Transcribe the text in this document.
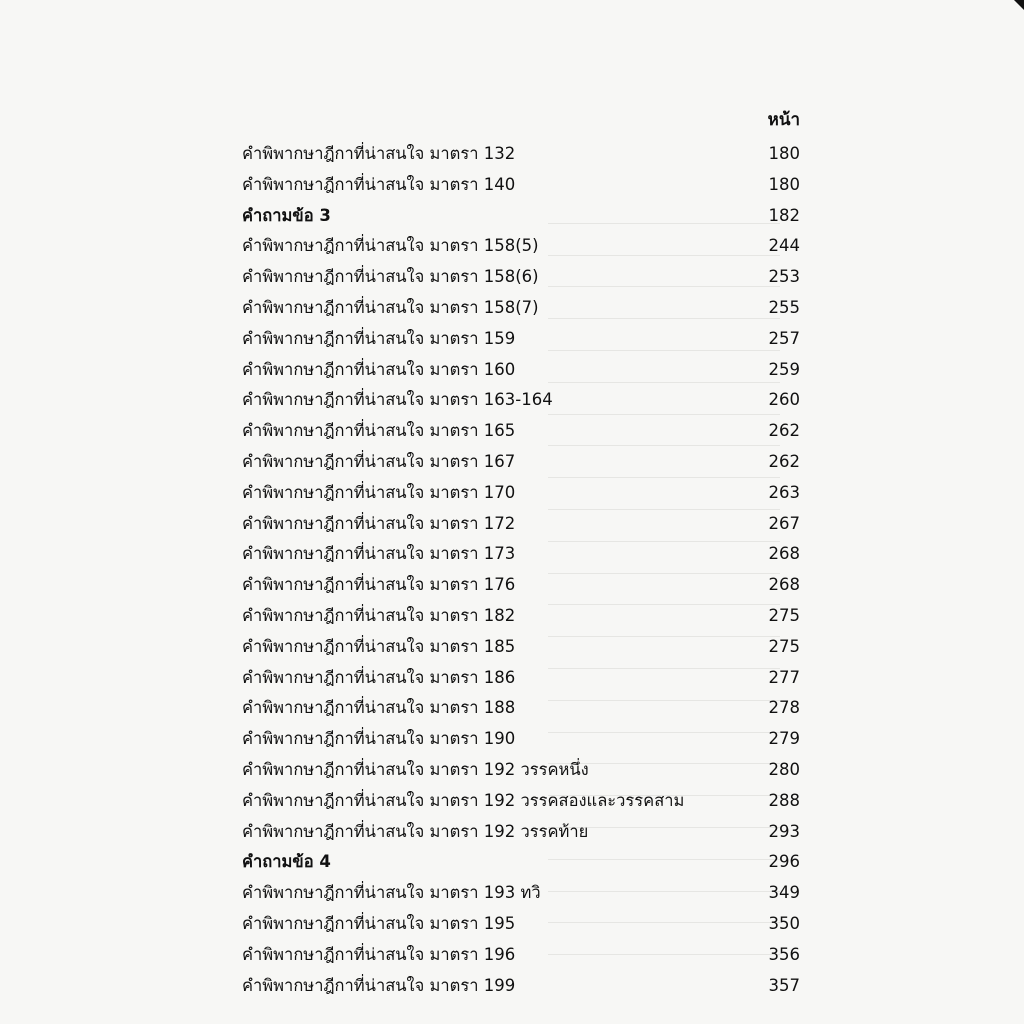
หน้า
คำพิพากษาฎีกาที่น่าสนใจ มาตรา 132	180
คำพิพากษาฎีกาที่น่าสนใจ มาตรา 140	180
คำถามข้อ 3	182
คำพิพากษาฎีกาที่น่าสนใจ มาตรา 158(5)	244
คำพิพากษาฎีกาที่น่าสนใจ มาตรา 158(6)	253
คำพิพากษาฎีกาที่น่าสนใจ มาตรา 158(7)	255
คำพิพากษาฎีกาที่น่าสนใจ มาตรา 159	257
คำพิพากษาฎีกาที่น่าสนใจ มาตรา 160	259
คำพิพากษาฎีกาที่น่าสนใจ มาตรา 163-164	260
คำพิพากษาฎีกาที่น่าสนใจ มาตรา 165	262
คำพิพากษาฎีกาที่น่าสนใจ มาตรา 167	262
คำพิพากษาฎีกาที่น่าสนใจ มาตรา 170	263
คำพิพากษาฎีกาที่น่าสนใจ มาตรา 172	267
คำพิพากษาฎีกาที่น่าสนใจ มาตรา 173	268
คำพิพากษาฎีกาที่น่าสนใจ มาตรา 176	268
คำพิพากษาฎีกาที่น่าสนใจ มาตรา 182	275
คำพิพากษาฎีกาที่น่าสนใจ มาตรา 185	275
คำพิพากษาฎีกาที่น่าสนใจ มาตรา 186	277
คำพิพากษาฎีกาที่น่าสนใจ มาตรา 188	278
คำพิพากษาฎีกาที่น่าสนใจ มาตรา 190	279
คำพิพากษาฎีกาที่น่าสนใจ มาตรา 192 วรรคหนึ่ง	280
คำพิพากษาฎีกาที่น่าสนใจ มาตรา 192 วรรคสองและวรรคสาม	288
คำพิพากษาฎีกาที่น่าสนใจ มาตรา 192 วรรคท้าย	293
คำถามข้อ 4	296
คำพิพากษาฎีกาที่น่าสนใจ มาตรา 193 ทวิ	349
คำพิพากษาฎีกาที่น่าสนใจ มาตรา 195	350
คำพิพากษาฎีกาที่น่าสนใจ มาตรา 196	356
คำพิพากษาฎีกาที่น่าสนใจ มาตรา 199	357
